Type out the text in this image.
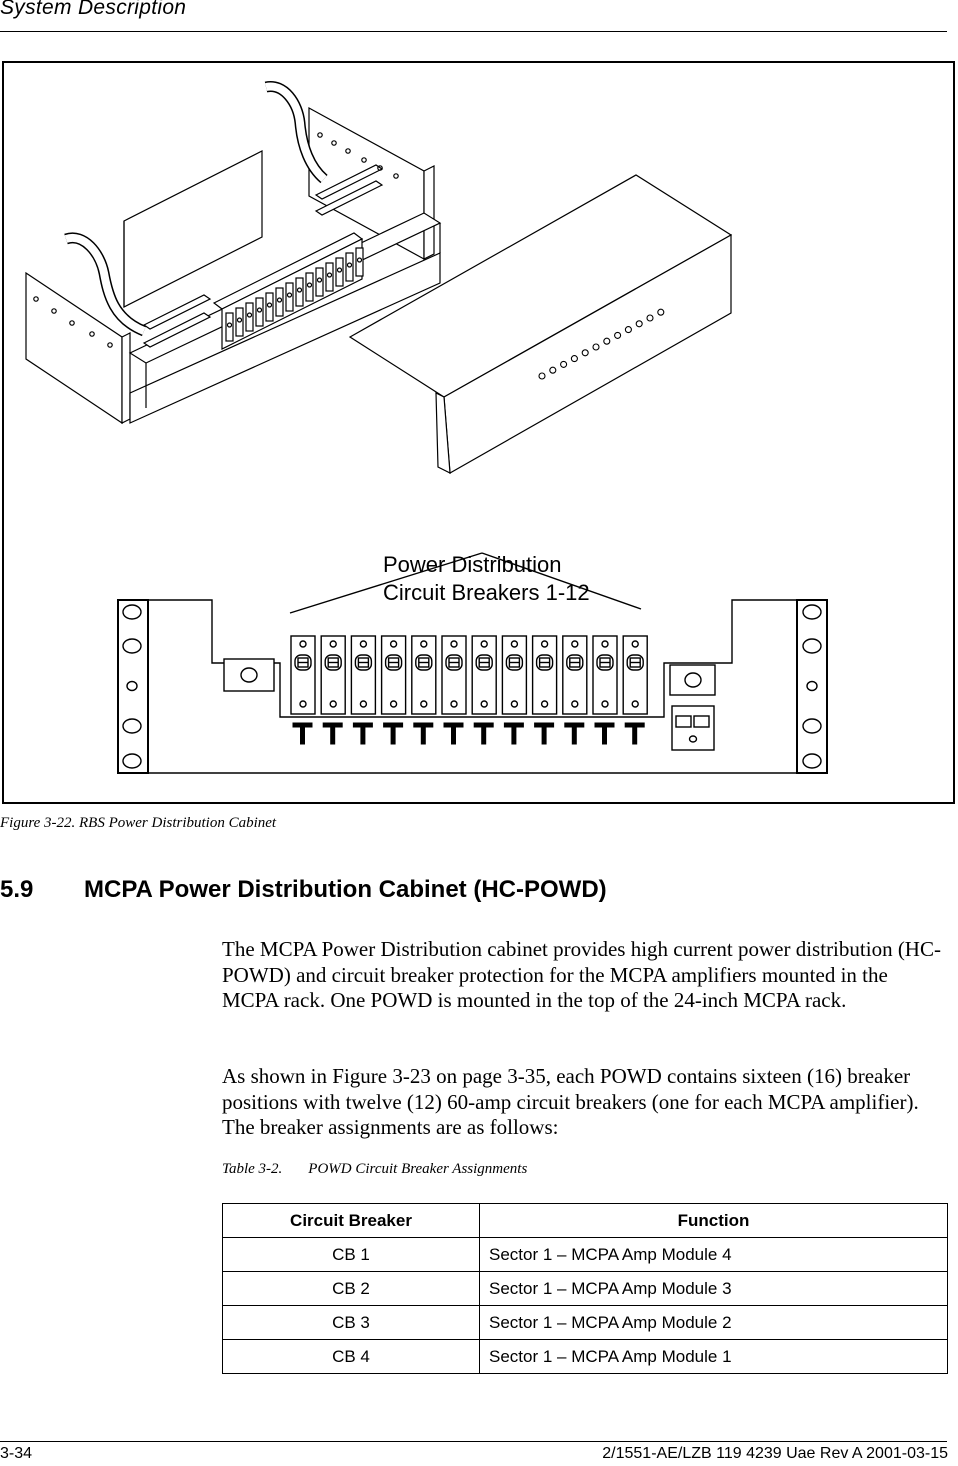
System Description
Power Distribution
Circuit Breakers 1-12
Figure 3-22. RBS Power Distribution Cabinet
5.9 MCPA Power Distribution Cabinet (HC-POWD)

The MCPA Power Distribution cabinet provides high current power distribution (HC-POWD) and circuit breaker protection for the MCPA amplifiers mounted in the MCPA rack. One POWD is mounted in the top of the 24-inch MCPA rack.

As shown in Figure 3-23 on page 3-35, each POWD contains sixteen (16) breaker positions with twelve (12) 60-amp circuit breakers (one for each MCPA amplifier). The breaker assignments are as follows:

Table 3-2. POWD Circuit Breaker Assignments
Circuit Breaker	Function
CB 1	Sector 1 – MCPA Amp Module 4
CB 2	Sector 1 – MCPA Amp Module 3
CB 3	Sector 1 – MCPA Amp Module 2
CB 4	Sector 1 – MCPA Amp Module 1
3-34	2/1551-AE/LZB 119 4239 Uae Rev A 2001-03-15
